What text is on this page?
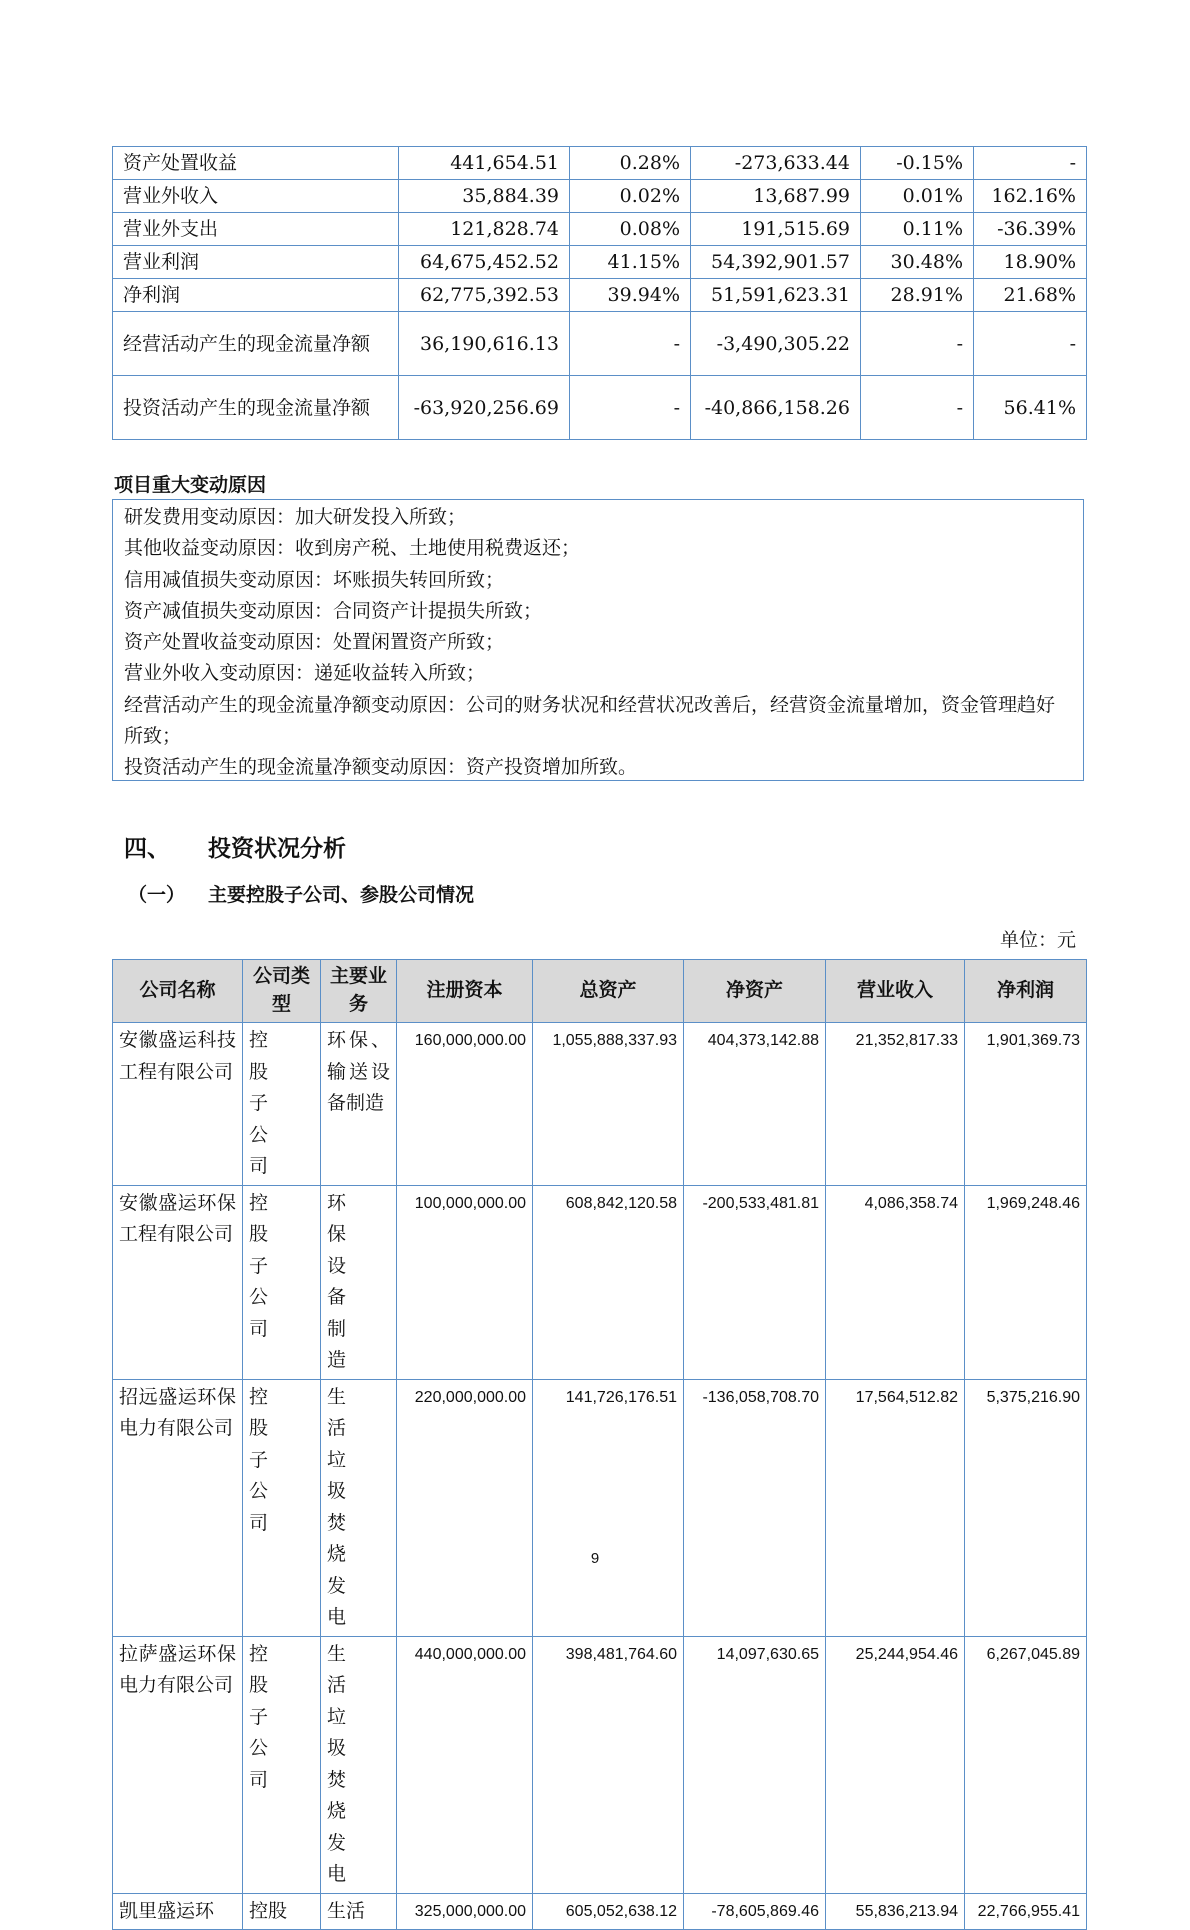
资产处置收益	441,654.51	0.28%	-273,633.44	-0.15%	-
营业外收入	35,884.39	0.02%	13,687.99	0.01%	162.16%
营业外支出	121,828.74	0.08%	191,515.69	0.11%	-36.39%
营业利润	64,675,452.52	41.15%	54,392,901.57	30.48%	18.90%
净利润	62,775,392.53	39.94%	51,591,623.31	28.91%	21.68%
经营活动产生的现金流量净额	36,190,616.13	-	-3,490,305.22	-	-
投资活动产生的现金流量净额	-63,920,256.69	-	-40,866,158.26	-	56.41%
项目重大变动原因
研发费用变动原因：加大研发投入所致；
其他收益变动原因：收到房产税、土地使用税费返还；
信用减值损失变动原因：坏账损失转回所致；
资产减值损失变动原因：合同资产计提损失所致；
资产处置收益变动原因：处置闲置资产所致；
营业外收入变动原因：递延收益转入所致；
经营活动产生的现金流量净额变动原因：公司的财务状况和经营状况改善后，经营资金流量增加，资金管理趋好所致；
投资活动产生的现金流量净额变动原因：资产投资增加所致。
四、 投资状况分析
（一） 主要控股子公司、参股公司情况
单位：元
公司名称	公司类型	主要业务	注册资本	总资产	净资产	营业收入	净利润
安徽盛运科技工程有限公司	控股子公司	环保、输送设备制造	160,000,000.00	1,055,888,337.93	404,373,142.88	21,352,817.33	1,901,369.73
安徽盛运环保工程有限公司	控股子公司	环保设备制造	100,000,000.00	608,842,120.58	-200,533,481.81	4,086,358.74	1,969,248.46
招远盛运环保电力有限公司	控股子公司	生活垃圾焚烧发电	220,000,000.00	141,726,176.51	-136,058,708.70	17,564,512.82	5,375,216.90
拉萨盛运环保电力有限公司	控股子公司	生活垃圾焚烧发电	440,000,000.00	398,481,764.60	14,097,630.65	25,244,954.46	6,267,045.89
凯里盛运环	控股	生活	325,000,000.00	605,052,638.12	-78,605,869.46	55,836,213.94	22,766,955.41
9
